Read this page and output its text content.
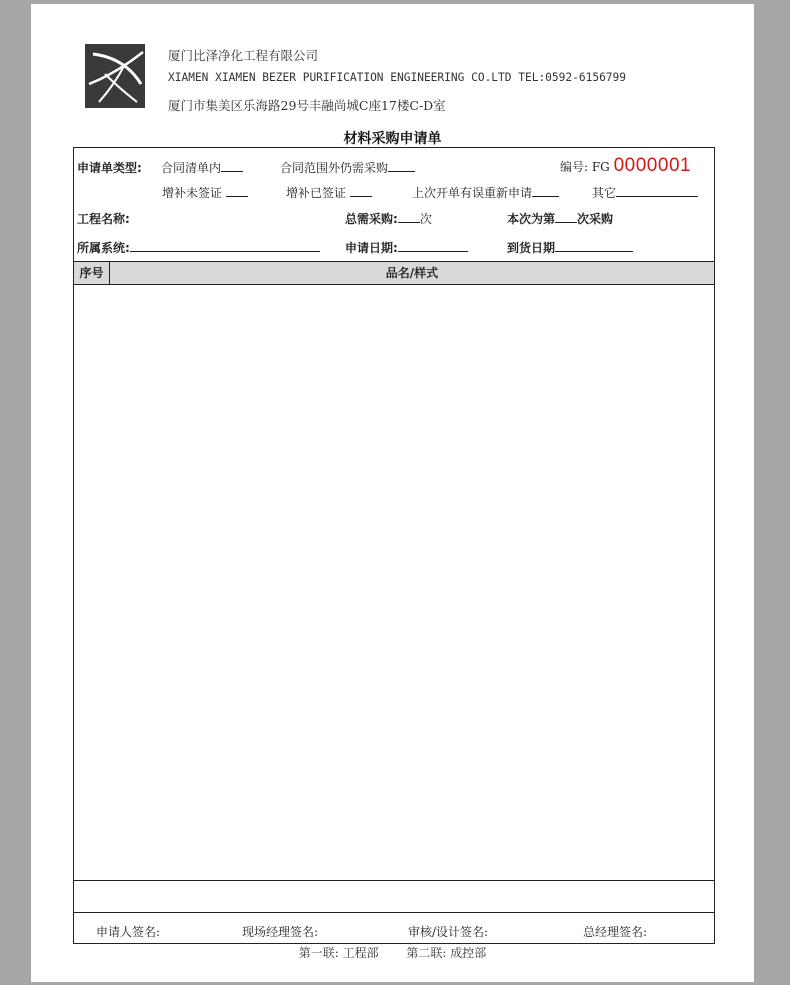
厦门比泽净化工程有限公司
XIAMEN XIAMEN BEZER PURIFICATION ENGINEERING CO.LTD TEL:0592-6156799
厦门市集美区乐海路29号丰融尚城C座17楼C-D室
材料采购申请单
申请单类型: 合同清单内	合同范围外仍需采购	编号: FG 0000001
增补未签证	增补已签证	上次开单有误重新申请	其它
工程名称:	总需采购: 次	本次为第 次采购
所属系统:	申请日期:	到货日期
序号	品名/样式
申请人签名:	现场经理签名:	审核/设计签名:	总经理签名:
第一联: 工程部 第二联: 成控部
